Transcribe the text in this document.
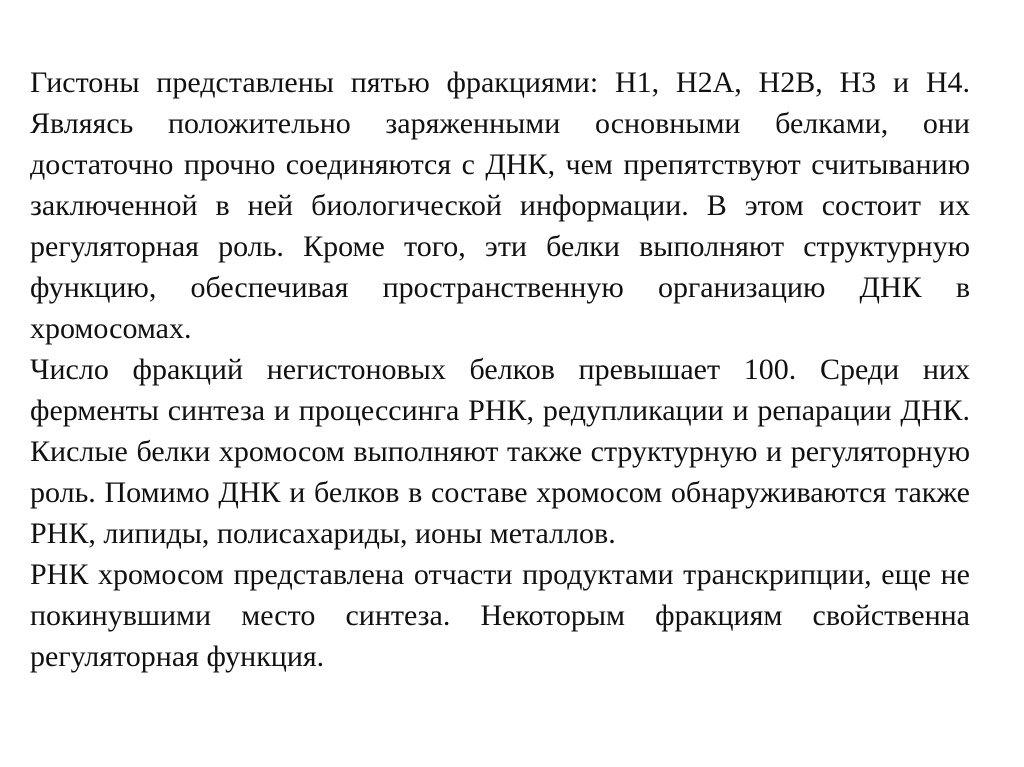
Гистоны представлены пятью фракциями: H1, H2A, H2B, H3 и H4. Являясь положительно заряженными основными белками, они достаточно прочно соединяются с ДНК, чем препятствуют считыванию заключенной в ней биологической информации. В этом состоит их регуляторная роль. Кроме того, эти белки выполняют структурную функцию, обеспечивая пространственную организацию ДНК в хромосомах.

Число фракций негистоновых белков превышает 100. Среди них ферменты синтеза и процессинга РНК, редупликации и репарации ДНК. Кислые белки хромосом выполняют также структурную и регуляторную роль. Помимо ДНК и белков в составе хромосом обнаруживаются также РНК, липиды, полисахариды, ионы металлов.

РНК хромосом представлена отчасти продуктами транскрипции, еще не покинувшими место синтеза. Некоторым фракциям свойственна регуляторная функция.
